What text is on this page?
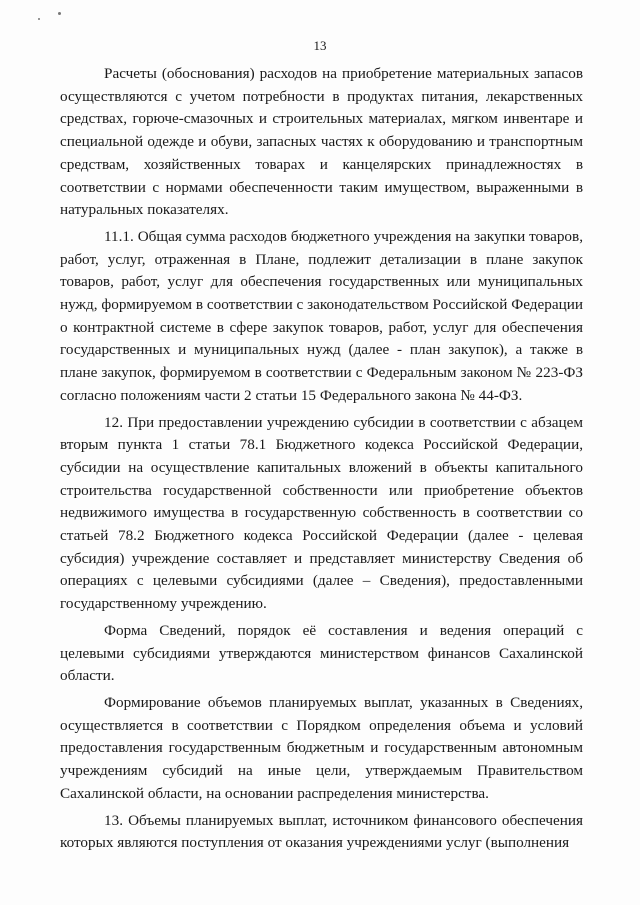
13

Расчеты (обоснования) расходов на приобретение материальных запасов осуществляются с учетом потребности в продуктах питания, лекарственных средствах, горюче-смазочных и строительных материалах, мягком инвентаре и специальной одежде и обуви, запасных частях к оборудованию и транспортным средствам, хозяйственных товарах и канцелярских принадлежностях в соответствии с нормами обеспеченности таким имуществом, выраженными в натуральных показателях.

11.1. Общая сумма расходов бюджетного учреждения на закупки товаров, работ, услуг, отраженная в Плане, подлежит детализации в плане закупок товаров, работ, услуг для обеспечения государственных или муниципальных нужд, формируемом в соответствии с законодательством Российской Федерации о контрактной системе в сфере закупок товаров, работ, услуг для обеспечения государственных и муниципальных нужд (далее - план закупок), а также в плане закупок, формируемом в соответствии с Федеральным законом № 223-ФЗ согласно положениям части 2 статьи 15 Федерального закона № 44-ФЗ.

12. При предоставлении учреждению субсидии в соответствии с абзацем вторым пункта 1 статьи 78.1 Бюджетного кодекса Российской Федерации, субсидии на осуществление капитальных вложений в объекты капитального строительства государственной собственности или приобретение объектов недвижимого имущества в государственную собственность в соответствии со статьей 78.2 Бюджетного кодекса Российской Федерации (далее - целевая субсидия) учреждение составляет и представляет министерству Сведения об операциях с целевыми субсидиями (далее – Сведения), предоставленными государственному учреждению.

Форма Сведений, порядок её составления и ведения операций с целевыми субсидиями утверждаются министерством финансов Сахалинской области.

Формирование объемов планируемых выплат, указанных в Сведениях, осуществляется в соответствии с Порядком определения объема и условий предоставления государственным бюджетным и государственным автономным учреждениям субсидий на иные цели, утверждаемым Правительством Сахалинской области, на основании распределения министерства.

13. Объемы планируемых выплат, источником финансового обеспечения которых являются поступления от оказания учреждениями услуг (выполнения
